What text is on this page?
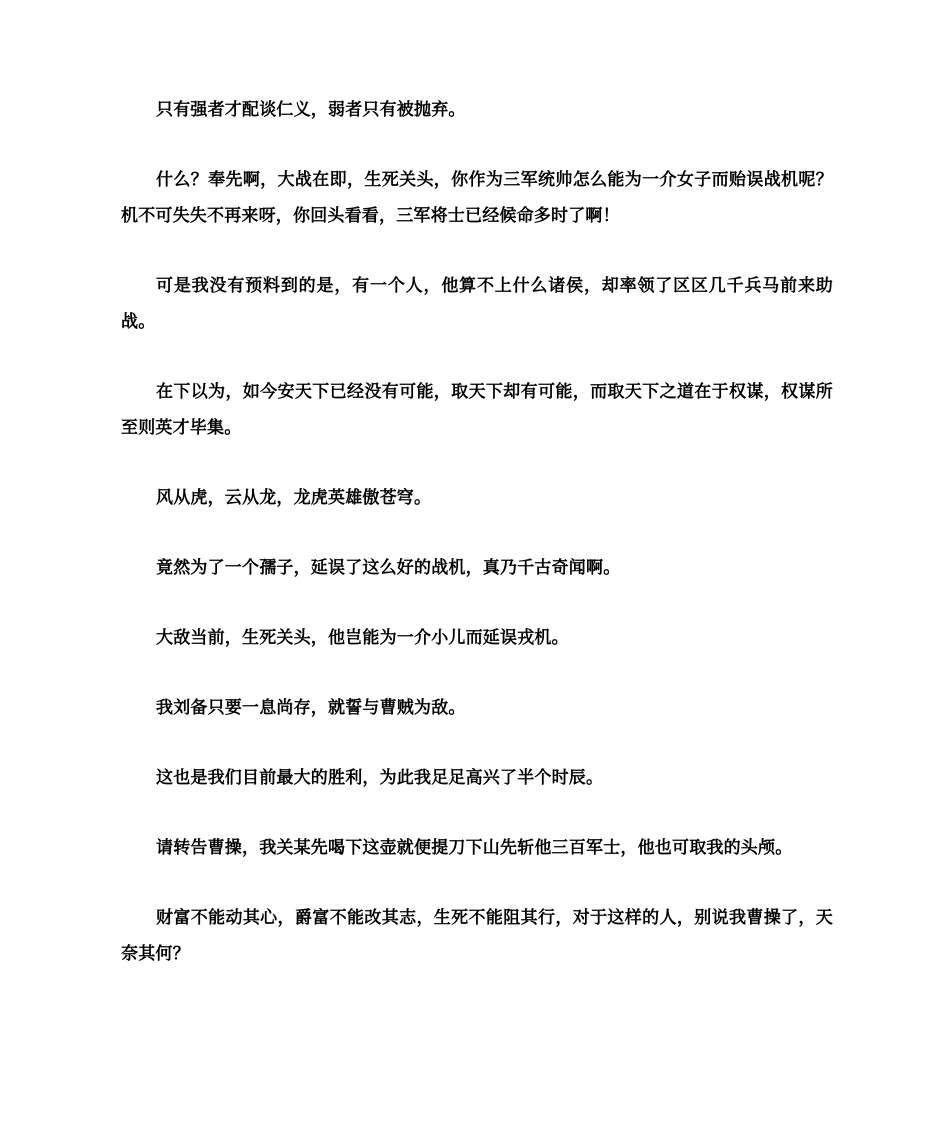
只有强者才配谈仁义，弱者只有被抛弃。

什么？奉先啊，大战在即，生死关头，你作为三军统帅怎么能为一介女子而贻误战机呢？机不可失失不再来呀，你回头看看，三军将士已经候命多时了啊！

可是我没有预料到的是，有一个人，他算不上什么诸侯，却率领了区区几千兵马前来助战。

在下以为，如今安天下已经没有可能，取天下却有可能，而取天下之道在于权谋，权谋所至则英才毕集。

风从虎，云从龙，龙虎英雄傲苍穹。

竟然为了一个孺子，延误了这么好的战机，真乃千古奇闻啊。

大敌当前，生死关头，他岂能为一介小儿而延误戎机。

我刘备只要一息尚存，就誓与曹贼为敌。

这也是我们目前最大的胜利，为此我足足高兴了半个时辰。

请转告曹操，我关某先喝下这壶就便提刀下山先斩他三百军士，他也可取我的头颅。

财富不能动其心，爵富不能改其志，生死不能阻其行，对于这样的人，别说我曹操了，天奈其何？
